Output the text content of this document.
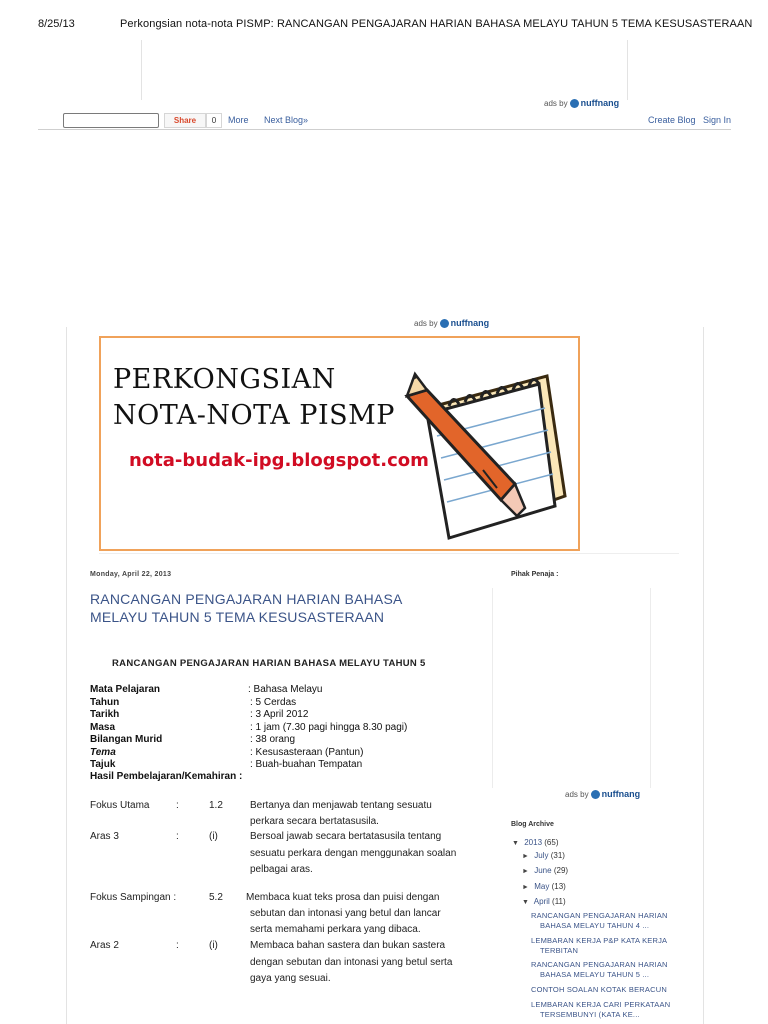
8/25/13	Perkongsian nota-nota PISMP: RANCANGAN PENGAJARAN HARIAN BAHASA MELAYU TAHUN 5 TEMA KESUSASTERAAN
ads by nuffnang
Share	0	More Next Blog»	Create Blog Sign In
ads by nuffnang
PERKONGSIAN
NOTA-NOTA PISMP
nota-budak-ipg.blogspot.com
Monday, April 22, 2013
RANCANGAN PENGAJARAN HARIAN BAHASA MELAYU TAHUN 5 TEMA KESUSASTERAAN
RANCANGAN PENGAJARAN HARIAN BAHASA MELAYU TAHUN 5
Mata Pelajaran	: Bahasa Melayu
Tahun	: 5 Cerdas
Tarikh	: 3 April 2012
Masa	: 1 jam (7.30 pagi hingga 8.30 pagi)
Bilangan Murid	: 38 orang
Tema	: Kesusasteraan (Pantun)
Tajuk	: Buah-buahan Tempatan
Hasil Pembelajaran/Kemahiran :
Fokus Utama	:	1.2	Bertanya dan menjawab tentang sesuatu
perkara secara bertatasusila.
Aras 3	:	(i)	Bersoal jawab secara bertatasusila tentang
sesuatu perkara dengan menggunakan soalan
pelbagai aras.
Fokus Sampingan :	5.2 Membaca kuat teks prosa dan puisi dengan
sebutan dan intonasi yang betul dan lancar
serta memahami perkara yang dibaca.
Aras 2	:	(i)	Membaca bahan sastera dan bukan sastera
dengan sebutan dan intonasi yang betul serta
gaya yang sesuai.
Pihak Penaja :
ads by nuffnang
Blog Archive
▼ 2013 (65)
► July (31)
► June (29)
► May (13)
▼ April (11)
RANCANGAN PENGAJARAN HARIAN
BAHASA MELAYU TAHUN 4 ...
LEMBARAN KERJA P&P KATA KERJA
TERBITAN
RANCANGAN PENGAJARAN HARIAN
BAHASA MELAYU TAHUN 5 ...
CONTOH SOALAN KOTAK BERACUN
LEMBARAN KERJA CARI PERKATAAN
TERSEMBUNYI (KATA KE...
